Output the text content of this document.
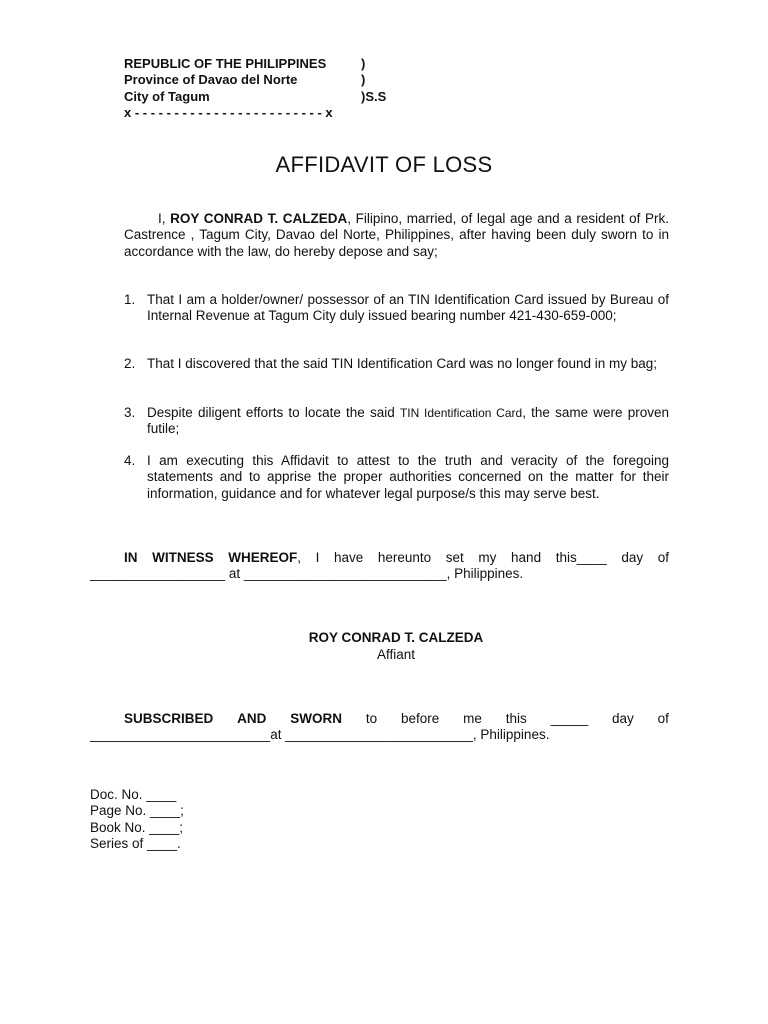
REPUBLIC OF THE PHILIPPINES	)
Province of Davao del Norte	)
City of Tagum	)S.S
x - - - - - - - - - - - - - - - - - - - - - - - - x
AFFIDAVIT OF LOSS
I, ROY CONRAD T. CALZEDA, Filipino, married, of legal age and a resident of Prk. Castrence , Tagum City, Davao del Norte, Philippines, after having been duly sworn to in accordance with the law, do hereby depose and say;
1. That I am a holder/owner/ possessor of an TIN Identification Card issued by Bureau of Internal Revenue at Tagum City duly issued bearing number 421-430-659-000;
2. That I discovered that the said TIN Identification Card was no longer found in my bag;
3. Despite diligent efforts to locate the said TIN Identification Card, the same were proven futile;
4. I am executing this Affidavit to attest to the truth and veracity of the foregoing statements and to apprise the proper authorities concerned on the matter for their information, guidance and for whatever legal purpose/s this may serve best.
IN WITNESS WHEREOF, I have hereunto set my hand this____ day of
__________________ at ___________________________, Philippines.
ROY CONRAD T. CALZEDA
Affiant
SUBSCRIBED AND SWORN to before me this _____ day of
________________________at _________________________, Philippines.
Doc. No. ____
Page No. ____;
Book No. ____;
Series of ____.
